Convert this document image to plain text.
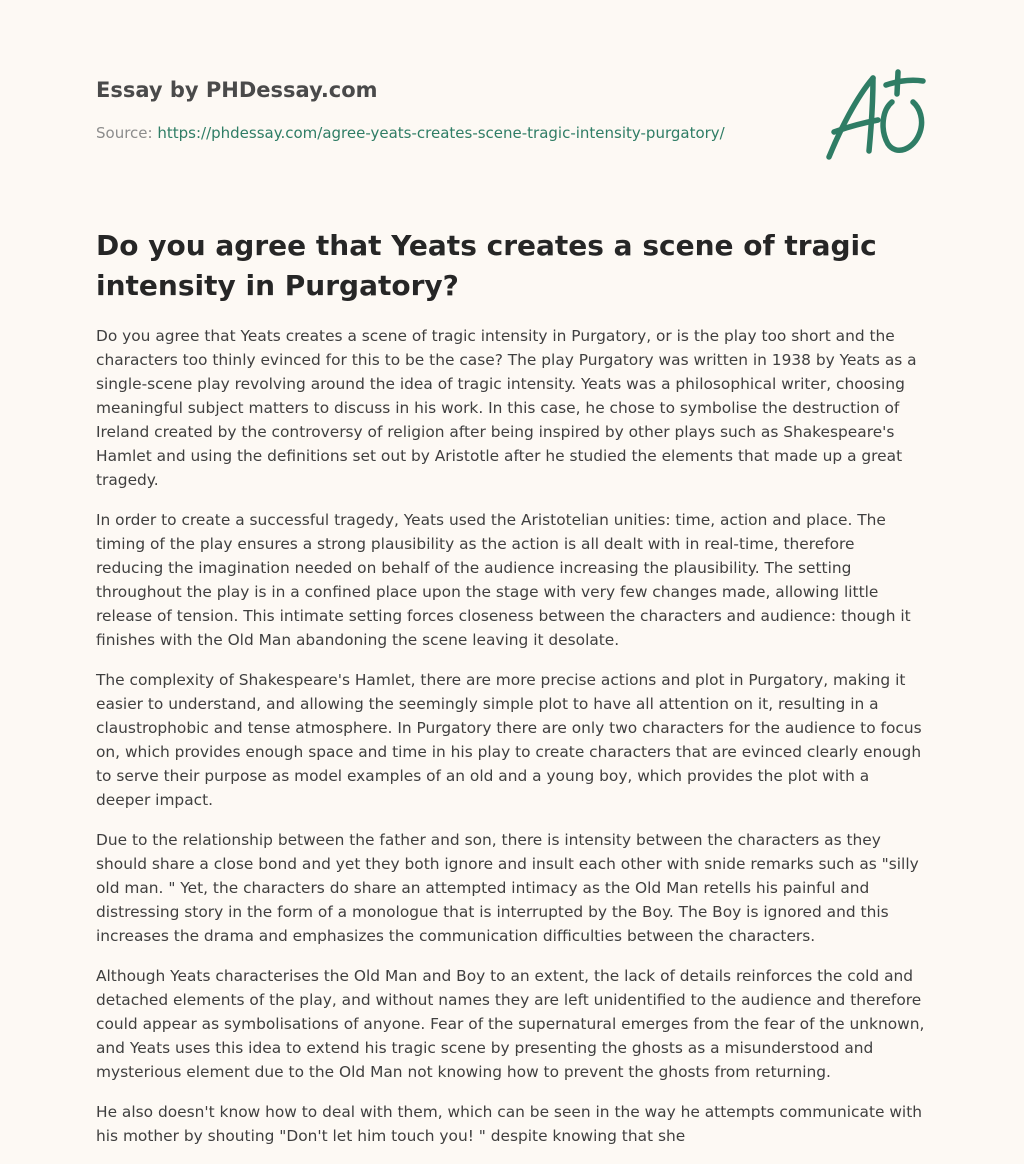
Essay by PHDessay.com
Source: https://phdessay.com/agree-yeats-creates-scene-tragic-intensity-purgatory/
Do you agree that Yeats creates a scene of tragic intensity in Purgatory?

Do you agree that Yeats creates a scene of tragic intensity in Purgatory, or is the play too short and the characters too thinly evinced for this to be the case? The play Purgatory was written in 1938 by Yeats as a single-scene play revolving around the idea of tragic intensity. Yeats was a philosophical writer, choosing meaningful subject matters to discuss in his work. In this case, he chose to symbolise the destruction of Ireland created by the controversy of religion after being inspired by other plays such as Shakespeare's Hamlet and using the definitions set out by Aristotle after he studied the elements that made up a great tragedy.

In order to create a successful tragedy, Yeats used the Aristotelian unities: time, action and place. The timing of the play ensures a strong plausibility as the action is all dealt with in real-time, therefore reducing the imagination needed on behalf of the audience increasing the plausibility. The setting throughout the play is in a confined place upon the stage with very few changes made, allowing little release of tension. This intimate setting forces closeness between the characters and audience: though it finishes with the Old Man abandoning the scene leaving it desolate.

The complexity of Shakespeare's Hamlet, there are more precise actions and plot in Purgatory, making it easier to understand, and allowing the seemingly simple plot to have all attention on it, resulting in a claustrophobic and tense atmosphere. In Purgatory there are only two characters for the audience to focus on, which provides enough space and time in his play to create characters that are evinced clearly enough to serve their purpose as model examples of an old and a young boy, which provides the plot with a deeper impact.

Due to the relationship between the father and son, there is intensity between the characters as they should share a close bond and yet they both ignore and insult each other with snide remarks such as "silly old man. " Yet, the characters do share an attempted intimacy as the Old Man retells his painful and distressing story in the form of a monologue that is interrupted by the Boy. The Boy is ignored and this increases the drama and emphasizes the communication difficulties between the characters.

Although Yeats characterises the Old Man and Boy to an extent, the lack of details reinforces the cold and detached elements of the play, and without names they are left unidentified to the audience and therefore could appear as symbolisations of anyone. Fear of the supernatural emerges from the fear of the unknown, and Yeats uses this idea to extend his tragic scene by presenting the ghosts as a misunderstood and mysterious element due to the Old Man not knowing how to prevent the ghosts from returning.

He also doesn't know how to deal with them, which can be seen in the way he attempts communicate with his mother by shouting "Don't let him touch you! " despite knowing that she
